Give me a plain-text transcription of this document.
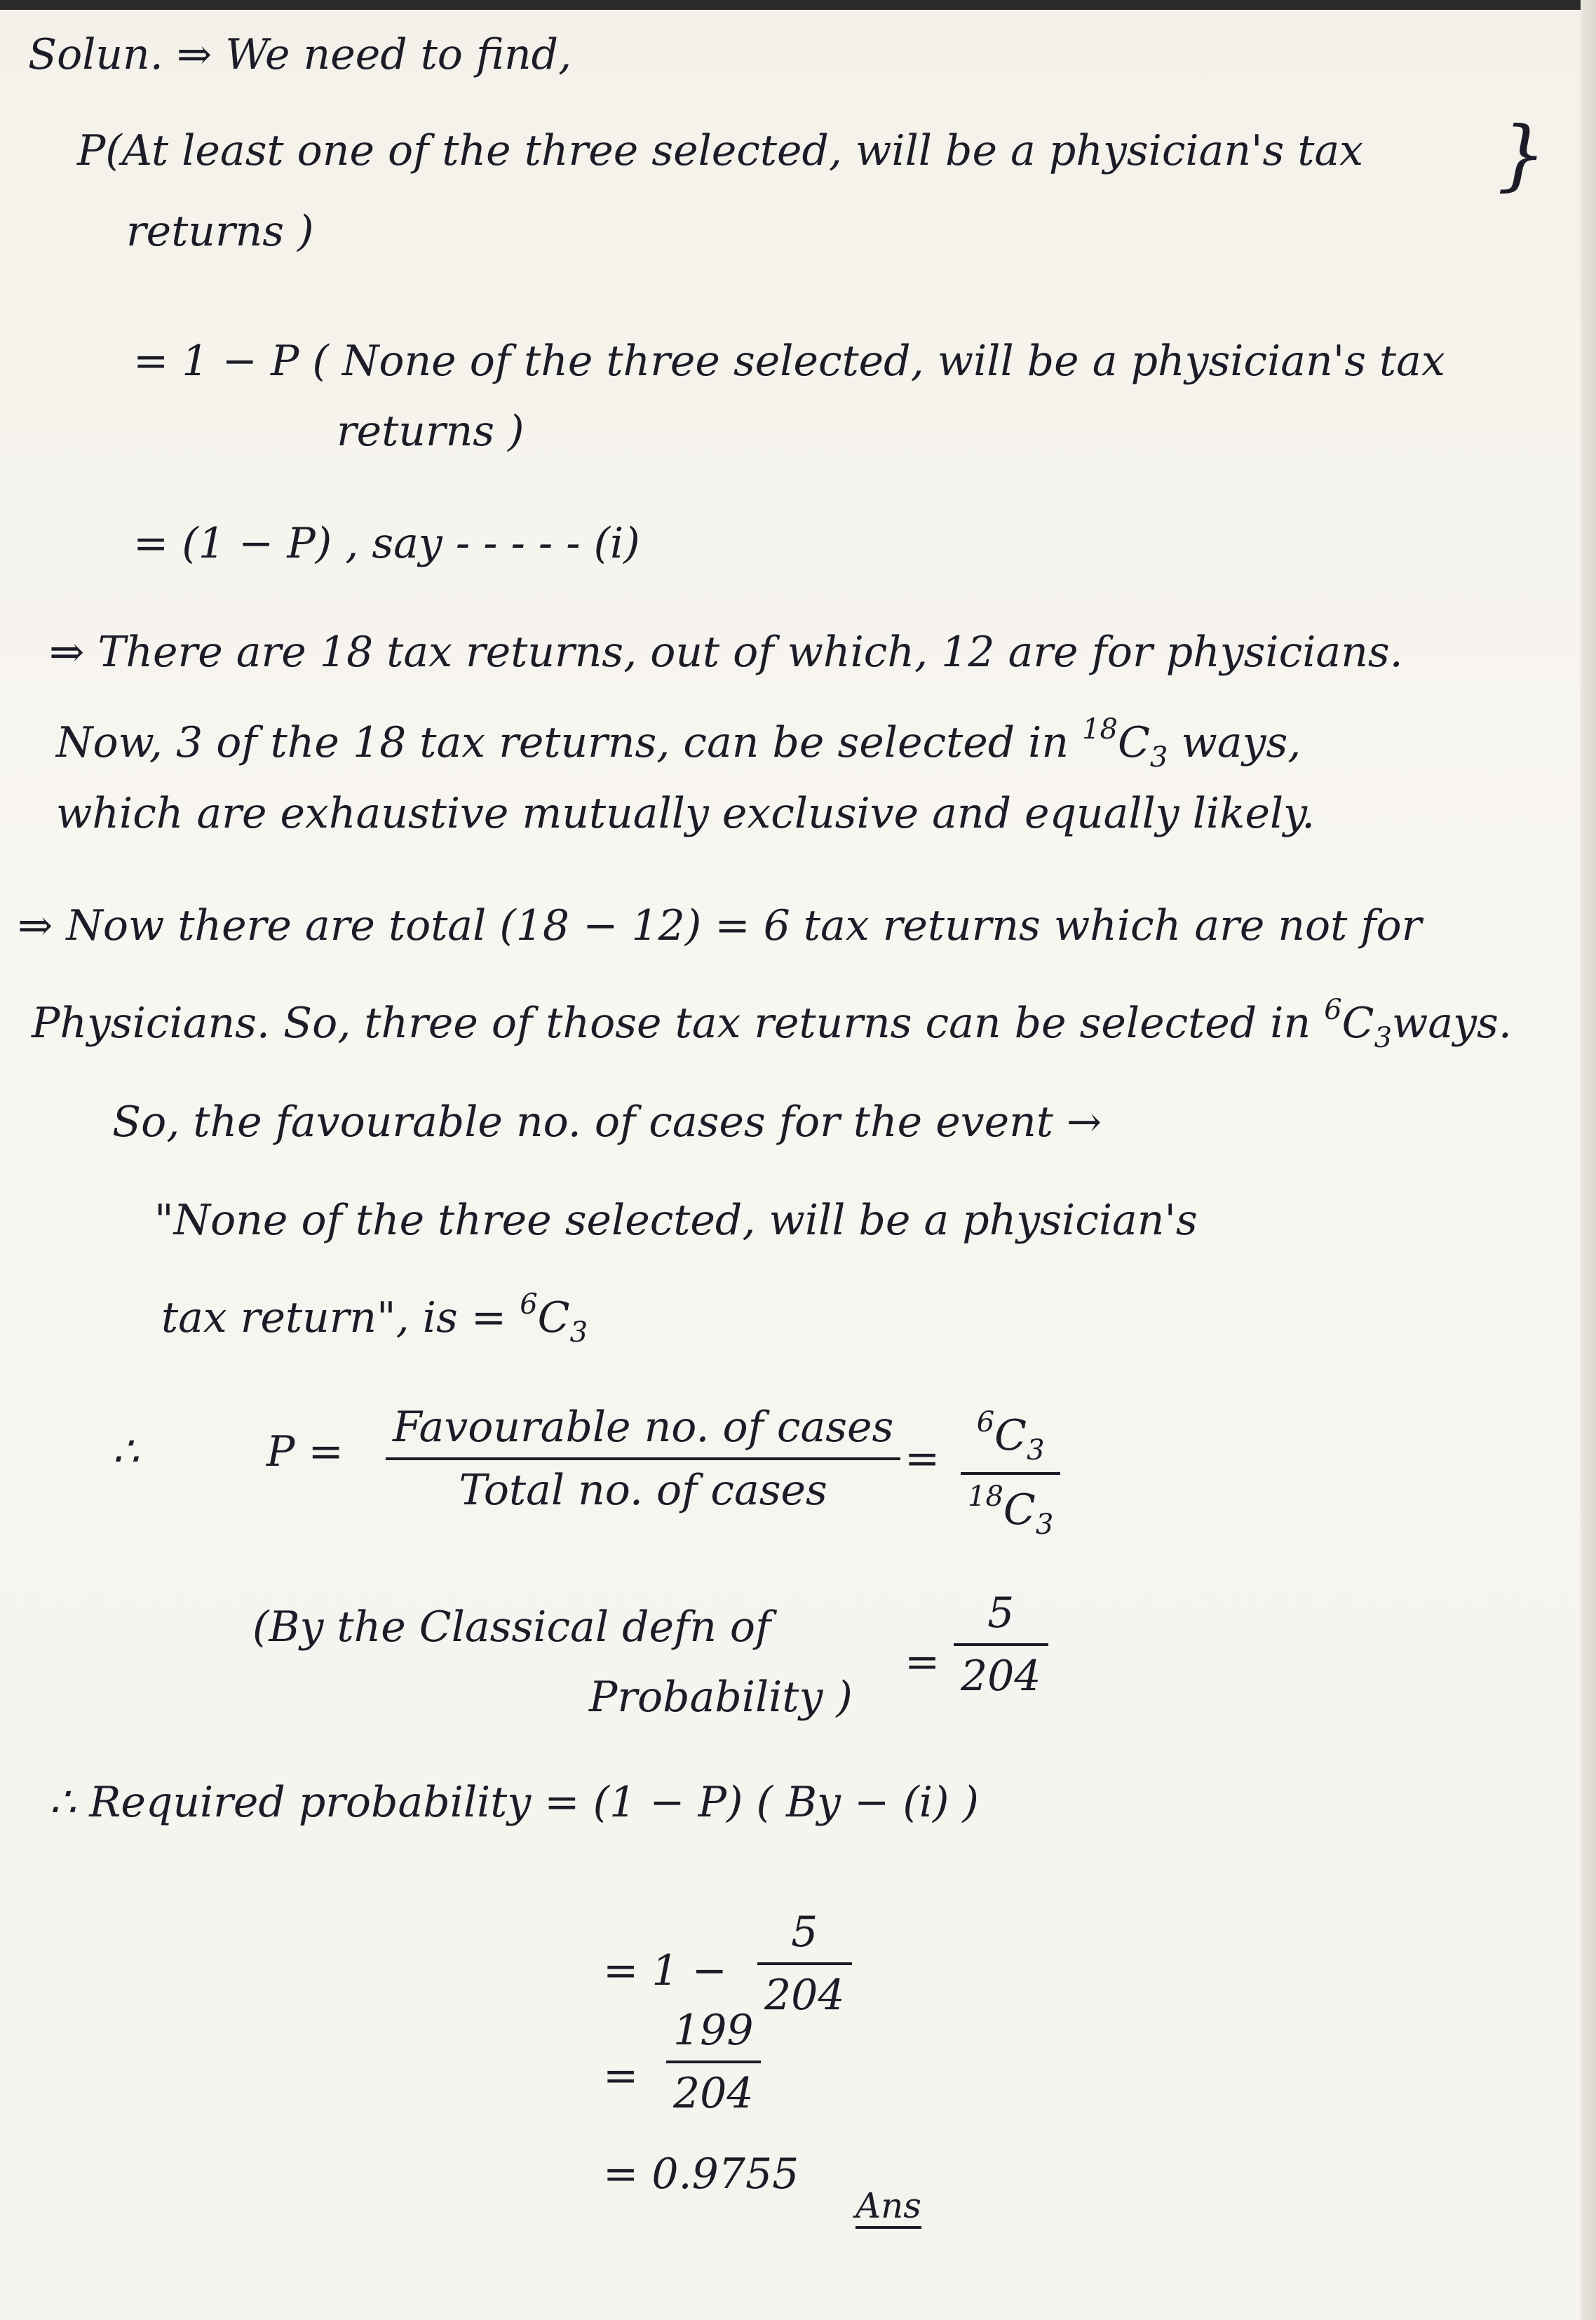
Solun. ⇒ We need to find,
P(At least one of the three selected, will be a physician's tax }
returns )
= 1 − P ( None of the three selected, will be a physician's tax
returns )
= (1 − P) , say - - - - - (i)
⇒ There are 18 tax returns, out of which, 12 are for physicians.
Now, 3 of the 18 tax returns, can be selected in $^{18}C_3$ ways,
which are exhaustive mutually exclusive and equally likely.
⇒ Now there are total (18 − 12) = 6 tax returns which are not for
Physicians. So, three of those tax returns can be selected in $^6C_3ways$.
So, the favourable no. of cases for the event →
"None of the three selected, will be a physician's
tax return", is = $^6C_3$
∴	P = Favourable no. of cases
Total no. of cases
=
$^6C_3$
$^{18}C_3$
(By the Classical defn of
Probability )
=
5
204
∴ Required probability = (1 − P) ( By − (i) )
= 1 −
5
204
=
199
204
= 0.9755
Ans
